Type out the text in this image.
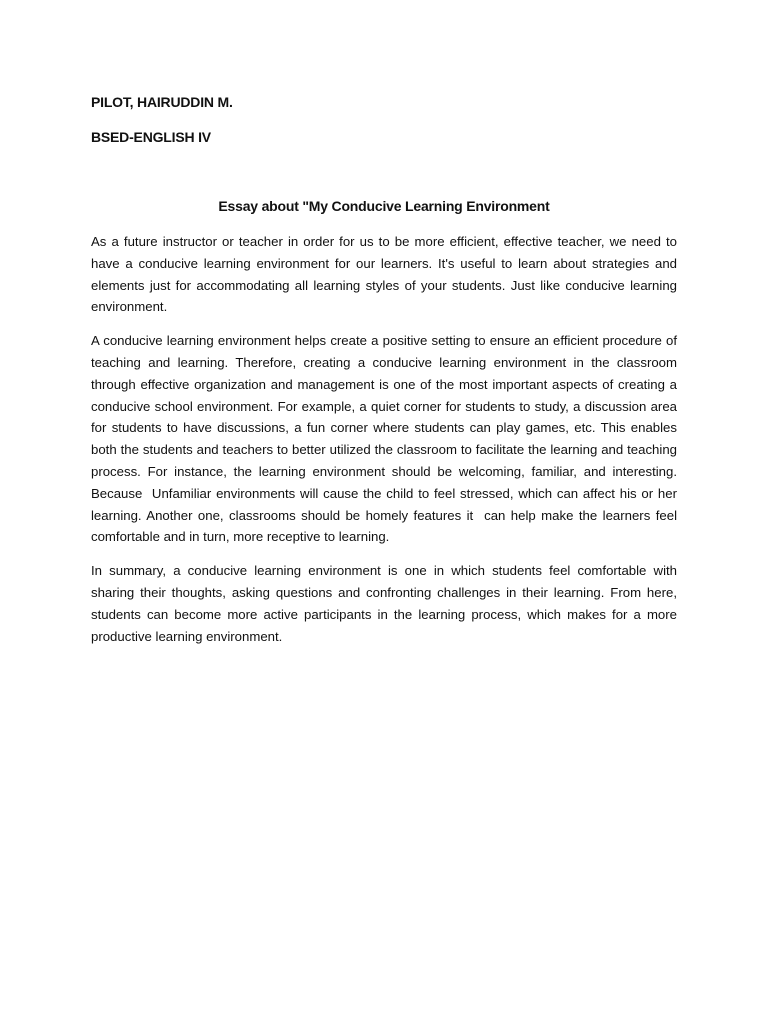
PILOT, HAIRUDDIN M.
BSED-ENGLISH IV
Essay about "My Conducive Learning Environment

As a future instructor or teacher in order for us to be more efficient, effective teacher, we need to have a conducive learning environment for our learners. It's useful to learn about strategies and elements just for accommodating all learning styles of your students. Just like conducive learning environment.

A conducive learning environment helps create a positive setting to ensure an efficient procedure of teaching and learning. Therefore, creating a conducive learning environment in the classroom through effective organization and management is one of the most important aspects of creating a conducive school environment. For example, a quiet corner for students to study, a discussion area for students to have discussions, a fun corner where students can play games, etc. This enables both the students and teachers to better utilized the classroom to facilitate the learning and teaching process. For instance, the learning environment should be welcoming, familiar, and interesting. Because  Unfamiliar environments will cause the child to feel stressed, which can affect his or her learning. Another one, classrooms should be homely features it  can help make the learners feel comfortable and in turn, more receptive to learning.

In summary, a conducive learning environment is one in which students feel comfortable with sharing their thoughts, asking questions and confronting challenges in their learning. From here, students can become more active participants in the learning process, which makes for a more productive learning environment.
